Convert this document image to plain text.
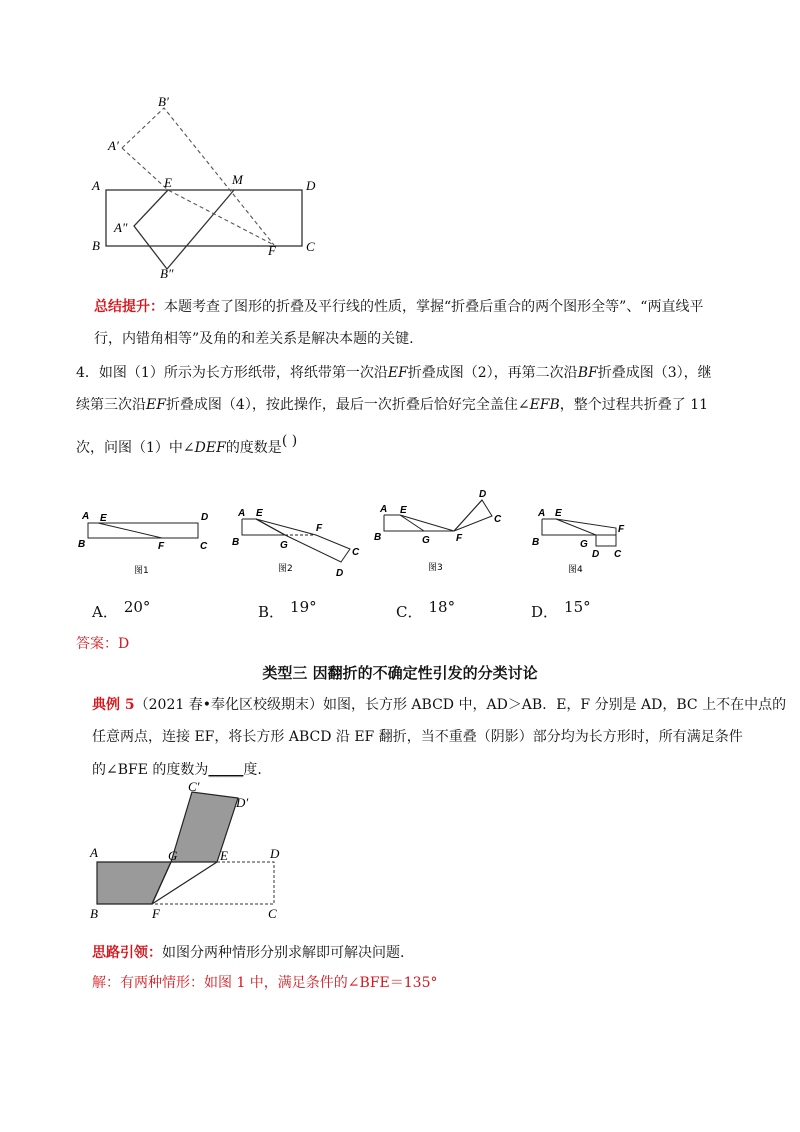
B′
A′
E	M
A	D
A″
B	F C
B″
总结提升：本题考查了图形的折叠及平行线的性质，掌握“折叠后重合的两个图形全等”、“两直线平
行，内错角相等”及角的和差关系是解决本题的关键.
4．如图（1）所示为长方形纸带，将纸带第一次沿EF折叠成图（2），再第二次沿BF折叠成图（3），继
续第三次沿EF折叠成图（4），按此操作，最后一次折叠后恰好完全盖住∠EFB，整个过程共折叠了 11
次，问图（1）中∠DEF的度数是( )
A E	D
B	F	C
图1
A E
F
B	G
C
D
图2
D
A E
C
B	G	F
图3
A E
F
B	G
D C
图4
A． 20°	B． 19°	C． 18°	D． 15°
答案：D
类型三 因翻折的不确定性引发的分类讨论
典例 5（2021 春•奉化区校级期末）如图，长方形 ABCD 中，AD＞AB．E，F 分别是 AD，BC 上不在中点的
任意两点，连接 EF，将长方形 ABCD 沿 EF 翻折，当不重叠（阴影）部分均为长方形时，所有满足条件
的∠BFE 的度数为_____度.
C′
D′
A	G	E	D
B	F	C
思路引领：如图分两种情形分别求解即可解决问题.
解：有两种情形：如图 1 中，满足条件的∠BFE＝135°
